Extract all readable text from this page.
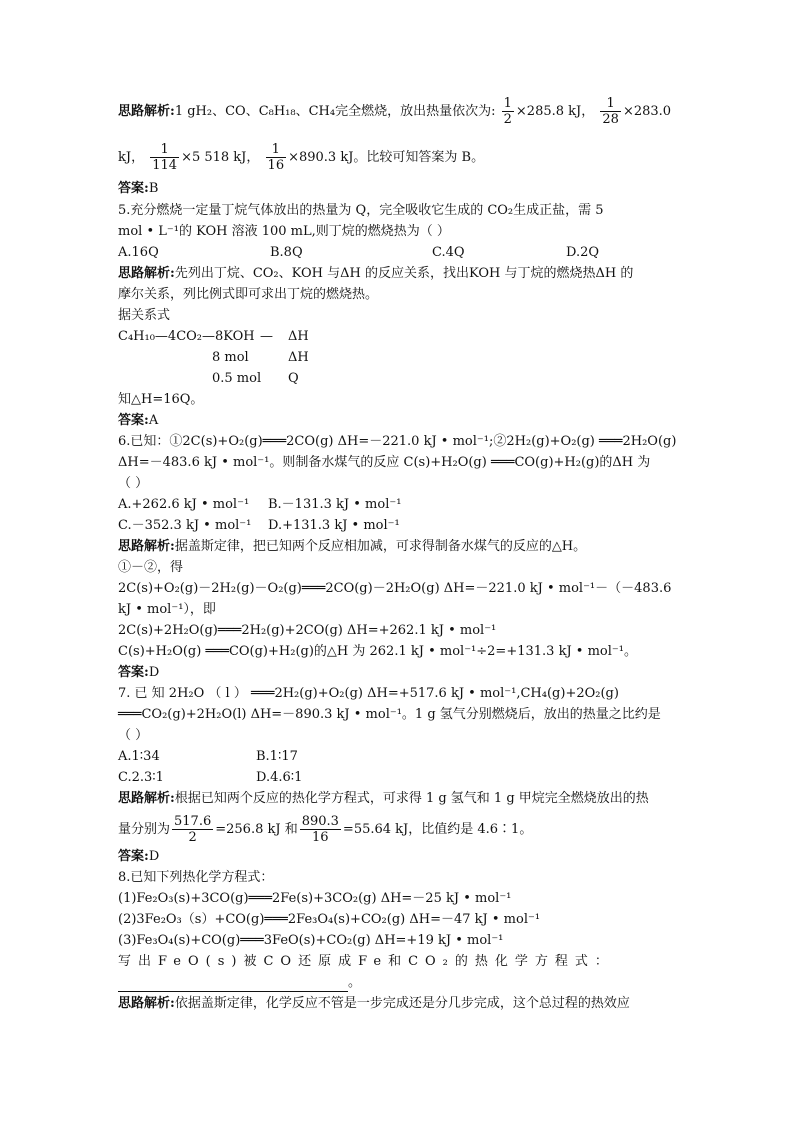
思路解析:1 gH₂、CO、C₈H₁₈、CH₄完全燃烧，放出热量依次为: $\frac{1}{2} \times 285.8$ kJ， $\frac{1}{28} \times 283.0$
kJ， $\frac{1}{114} \times 5$ 518 kJ， $\frac{1}{16} \times 890.3$ kJ。比较可知答案为 B。
答案:B
5.充分燃烧一定量丁烷气体放出的热量为 Q，完全吸收它生成的 CO₂生成正盐，需 5
mol • L⁻¹的 KOH 溶液 100 mL,则丁烷的燃烧热为（ ）
A.16Q	B.8Q	C.4Q	D.2Q
思路解析:先列出丁烷、CO₂、KOH 与ΔH 的反应关系，找出KOH 与丁烷的燃烧热ΔH 的
摩尔关系，列比例式即可求出丁烷的燃烧热。
据关系式
C₄H₁₀—4CO₂—8KOH — ΔH
8 mol	ΔH
0.5 mol Q
知△H=16Q。
答案:A
6.已知：①2C(s)+O₂(g)═══2CO(g) ΔH=－221.0 kJ • mol⁻¹;②2H₂(g)+O₂(g) ═══2H₂O(g)
ΔH=－483.6 kJ • mol⁻¹。则制备水煤气的反应 C(s)+H₂O(g) ═══CO(g)+H₂(g)的ΔH 为
（ ）
A.+262.6 kJ • mol⁻¹ B.－131.3 kJ • mol⁻¹
C.－352.3 kJ • mol⁻¹ D.+131.3 kJ • mol⁻¹
思路解析:据盖斯定律，把已知两个反应相加减，可求得制备水煤气的反应的△H。
①－②，得
2C(s)+O₂(g)－2H₂(g)－O₂(g)═══2CO(g)－2H₂O(g) ΔH=－221.0 kJ • mol⁻¹－（－483.6
kJ • mol⁻¹），即
2C(s)+2H₂O(g)═══2H₂(g)+2CO(g) ΔH=+262.1 kJ • mol⁻¹
C(s)+H₂O(g) ═══CO(g)+H₂(g)的△H 为 262.1 kJ • mol⁻¹÷2=+131.3 kJ • mol⁻¹。
答案:D
7. 已 知 2H₂O （ l ） ═══2H₂(g)+O₂(g) ΔH=+517.6 kJ • mol⁻¹,CH₄(g)+2O₂(g)
═══CO₂(g)+2H₂O(l) ΔH=－890.3 kJ • mol⁻¹。1 g 氢气分别燃烧后，放出的热量之比约是
（ ）
A.1∶34	B.1∶17
C.2.3∶1	D.4.6∶1
思路解析:根据已知两个反应的热化学方程式，可求得 1 g 氢气和 1 g 甲烷完全燃烧放出的热
量分别为 $\frac{517.6}{2} =256.8$ kJ 和 $\frac{890.3}{16} =55.64$ kJ，比值约是 4.6∶1。
答案:D
8.已知下列热化学方程式：
(1)Fe₂O₃(s)+3CO(g)═══2Fe(s)+3CO₂(g) ΔH=－25 kJ • mol⁻¹
(2)3Fe₂O₃（s）+CO(g)═══2Fe₃O₄(s)+CO₂(g) ΔH=－47 kJ • mol⁻¹
(3)Fe₃O₄(s)+CO(g)═══3FeO(s)+CO₂(g) ΔH=+19 kJ • mol⁻¹
写出FeO(s)被CO还原成Fe和CO₂的热化学方程式：
。
思路解析:依据盖斯定律，化学反应不管是一步完成还是分几步完成，这个总过程的热效应
